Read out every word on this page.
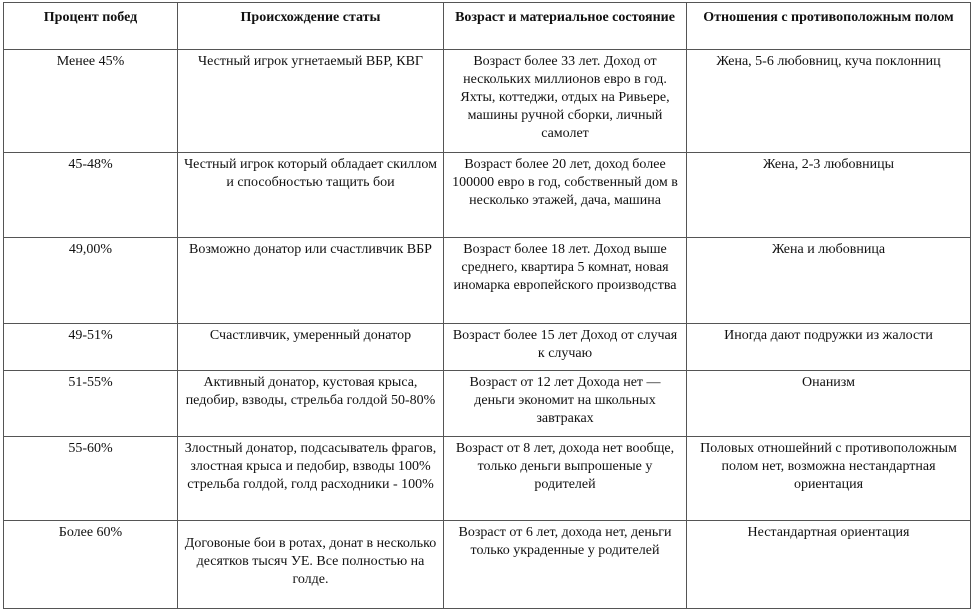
Процент побед	Происхождение статы	Возраст и материальное состояние	Отношения с противоположным полом
Менее 45%	Честный игрок угнетаемый ВБР, КВГ	Возраст более 33 лет. Доход от нескольких миллионов евро в год. Яхты, коттеджи, отдых на Ривьере, машины ручной сборки, личный самолет	Жена, 5-6 любовниц, куча поклонниц
45-48%	Честный игрок который обладает скиллом и способностью тащить бои	Возраст более 20 лет, доход более 100000 евро в год, собственный дом в несколько этажей, дача, машина	Жена, 2-3 любовницы
49,00%	Возможно донатор или счастливчик ВБР	Возраст более 18 лет. Доход выше среднего, квартира 5 комнат, новая иномарка европейского производства	Жена и любовница
49-51%	Счастливчик, умеренный донатор	Возраст более 15 лет Доход от случая к случаю	Иногда дают подружки из жалости
51-55%	Активный донатор, кустовая крыса, педобир, взводы, стрельба голдой 50-80%	Возраст от 12 лет Дохода нет — деньги экономит на школьных завтраках	Онанизм
55-60%	Злостный донатор, подсасыватель фрагов, злостная крыса и педобир, взводы 100% стрельба голдой, голд расходники - 100%	Возраст от 8 лет, дохода нет вообще, только деньги выпрошеные у родителей	Половых отношейний с противоположным полом нет, возможна нестандартная ориентация
Более 60%	Договоные бои в ротах, донат в несколько десятков тысяч УЕ. Все полностью на голде.	Возраст от 6 лет, дохода нет, деньги только украденные у родителей	Нестандартная ориентация
